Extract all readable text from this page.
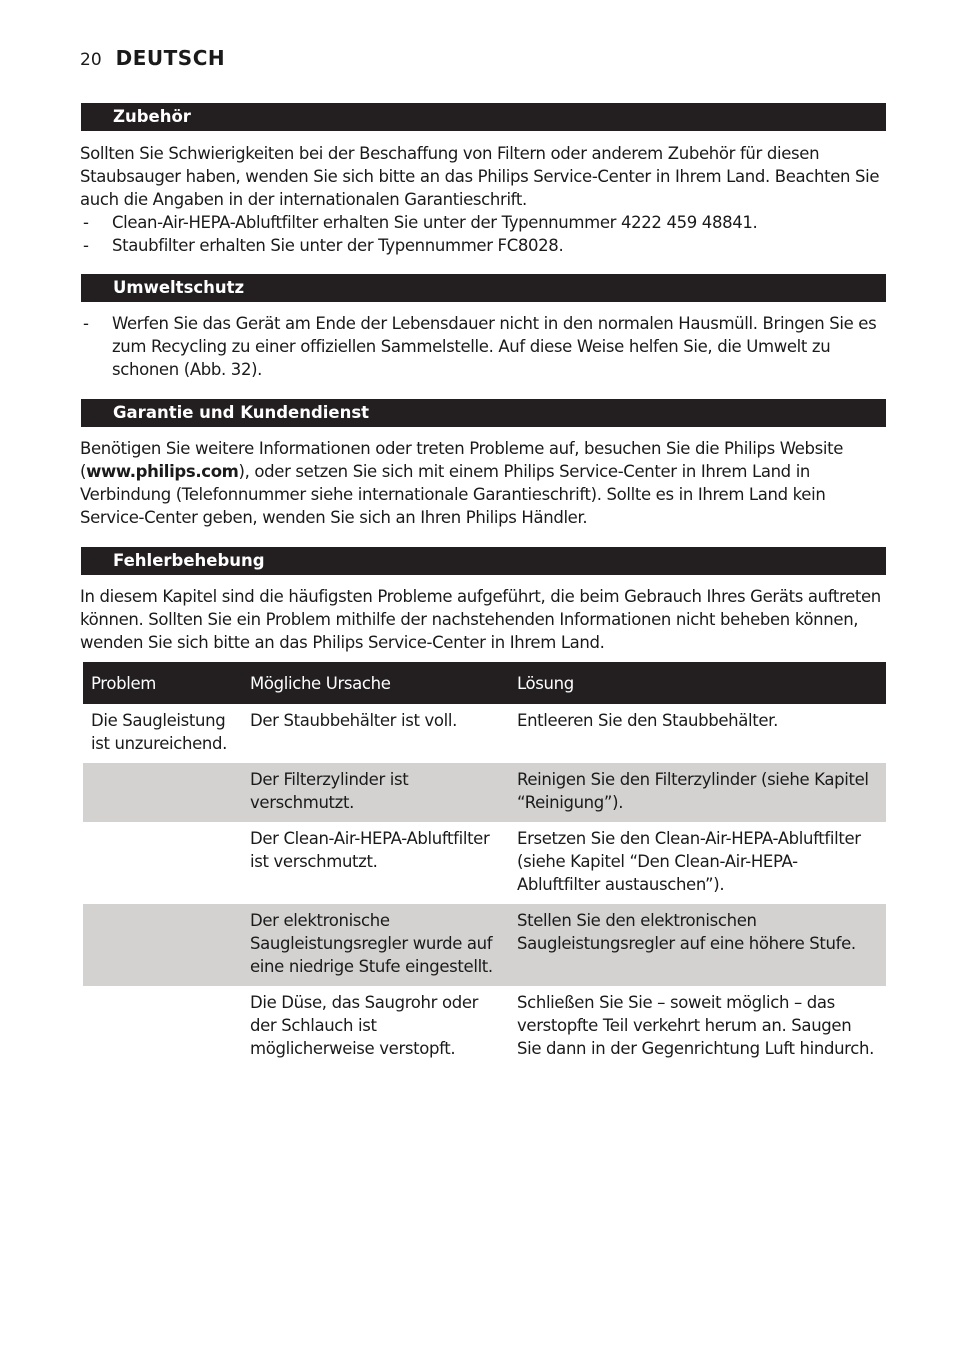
20 DEUTSCH
Zubehör

Sollten Sie Schwierigkeiten bei der Beschaffung von Filtern oder anderem Zubehör für diesen Staubsauger haben, wenden Sie sich bitte an das Philips Service-Center in Ihrem Land. Beachten Sie auch die Angaben in der internationalen Garantieschrift.

- Clean-Air-HEPA-Abluftfilter erhalten Sie unter der Typennummer 4222 459 48841.
- Staubfilter erhalten Sie unter der Typennummer FC8028.
Umweltschutz
- Werfen Sie das Gerät am Ende der Lebensdauer nicht in den normalen Hausmüll. Bringen Sie es zum Recycling zu einer offiziellen Sammelstelle. Auf diese Weise helfen Sie, die Umwelt zu schonen (Abb. 32).
Garantie und Kundendienst

Benötigen Sie weitere Informationen oder treten Probleme auf, besuchen Sie die Philips Website (www.philips.com), oder setzen Sie sich mit einem Philips Service-Center in Ihrem Land in Verbindung (Telefonnummer siehe internationale Garantieschrift). Sollte es in Ihrem Land kein Service-Center geben, wenden Sie sich an Ihren Philips Händler.

Fehlerbehebung

In diesem Kapitel sind die häufigsten Probleme aufgeführt, die beim Gebrauch Ihres Geräts auftreten können. Sollten Sie ein Problem mithilfe der nachstehenden Informationen nicht beheben können, wenden Sie sich bitte an das Philips Service-Center in Ihrem Land.

Problem	Mögliche Ursache	Lösung
Die Saugleistung ist unzureichend.	Der Staubbehälter ist voll.	Entleeren Sie den Staubbehälter.
	Der Filterzylinder ist verschmutzt.	Reinigen Sie den Filterzylinder (siehe Kapitel “Reinigung”).
	Der Clean-Air-HEPA-Abluftfilter ist verschmutzt.	Ersetzen Sie den Clean-Air-HEPA-Abluftfilter (siehe Kapitel “Den Clean-Air-HEPA-Abluftfilter austauschen”).
	Der elektronische Saugleistungsregler wurde auf eine niedrige Stufe eingestellt.	Stellen Sie den elektronischen Saugleistungsregler auf eine höhere Stufe.
	Die Düse, das Saugrohr oder der Schlauch ist möglicherweise verstopft.	Schließen Sie Sie – soweit möglich – das verstopfte Teil verkehrt herum an. Saugen Sie dann in der Gegenrichtung Luft hindurch.
